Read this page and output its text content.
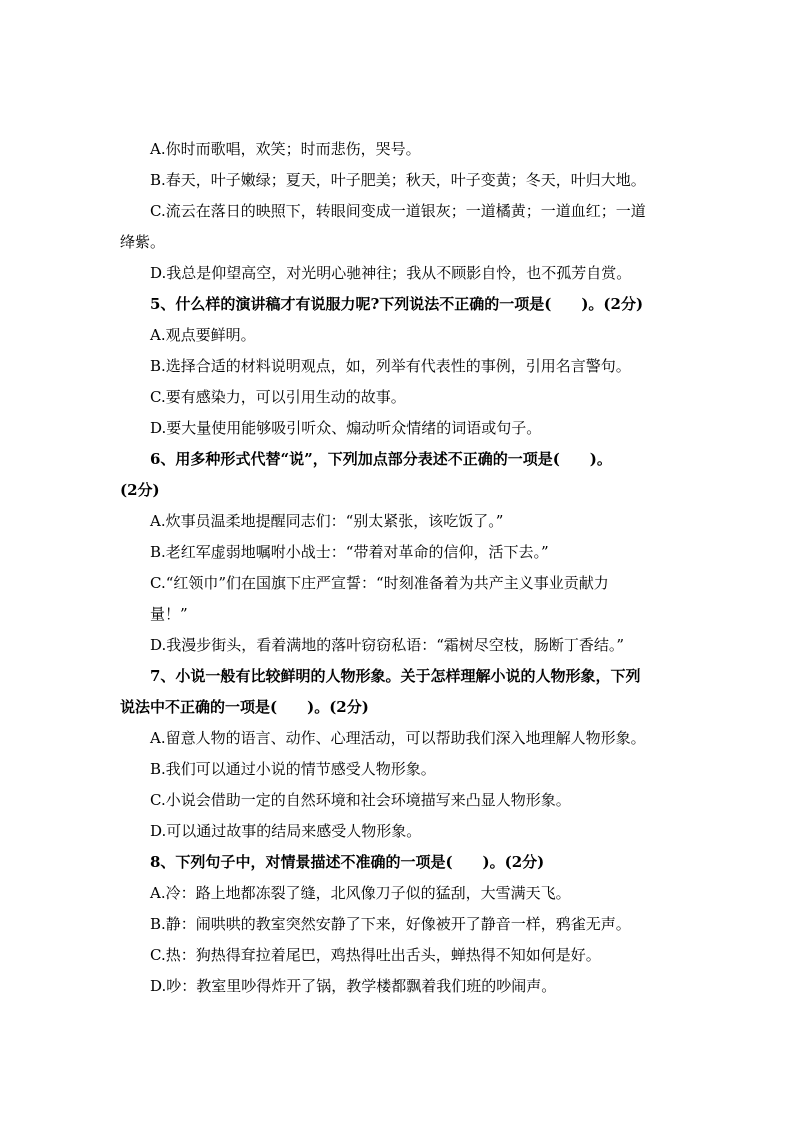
A.你时而歌唱，欢笑；时而悲伤，哭号。
B.春天，叶子嫩绿；夏天，叶子肥美；秋天，叶子变黄；冬天，叶归大地。
C.流云在落日的映照下，转眼间变成一道银灰；一道橘黄；一道血红；一道
绛紫。
D.我总是仰望高空，对光明心驰神往；我从不顾影自怜，也不孤芳自赏。
5、什么样的演讲稿才有说服力呢?下列说法不正确的一项是(　　)。(2分)
A.观点要鲜明。
B.选择合适的材料说明观点，如，列举有代表性的事例，引用名言警句。
C.要有感染力，可以引用生动的故事。
D.要大量使用能够吸引听众、煽动听众情绪的词语或句子。
6、用多种形式代替“说”，下列加点部分表述不正确的一项是(　　)。
(2分)
A.炊事员温柔地提醒同志们：“别太紧张，该吃饭了。”
B.老红军虚弱地嘱咐小战士：“带着对革命的信仰，活下去。”
C.“红领巾”们在国旗下庄严宣誓：“时刻准备着为共产主义事业贡献力
量！”
D.我漫步街头，看着满地的落叶窃窃私语：“霜树尽空枝，肠断丁香结。”
7、小说一般有比较鲜明的人物形象。关于怎样理解小说的人物形象，下列
说法中不正确的一项是(　　)。(2分)
A.留意人物的语言、动作、心理活动，可以帮助我们深入地理解人物形象。
B.我们可以通过小说的情节感受人物形象。
C.小说会借助一定的自然环境和社会环境描写来凸显人物形象。
D.可以通过故事的结局来感受人物形象。
8、下列句子中，对情景描述不准确的一项是(　　)。(2分)
A.冷：路上地都冻裂了缝，北风像刀子似的猛刮，大雪满天飞。
B.静：闹哄哄的教室突然安静了下来，好像被开了静音一样，鸦雀无声。
C.热：狗热得耷拉着尾巴，鸡热得吐出舌头，蝉热得不知如何是好。
D.吵：教室里吵得炸开了锅，教学楼都飘着我们班的吵闹声。
